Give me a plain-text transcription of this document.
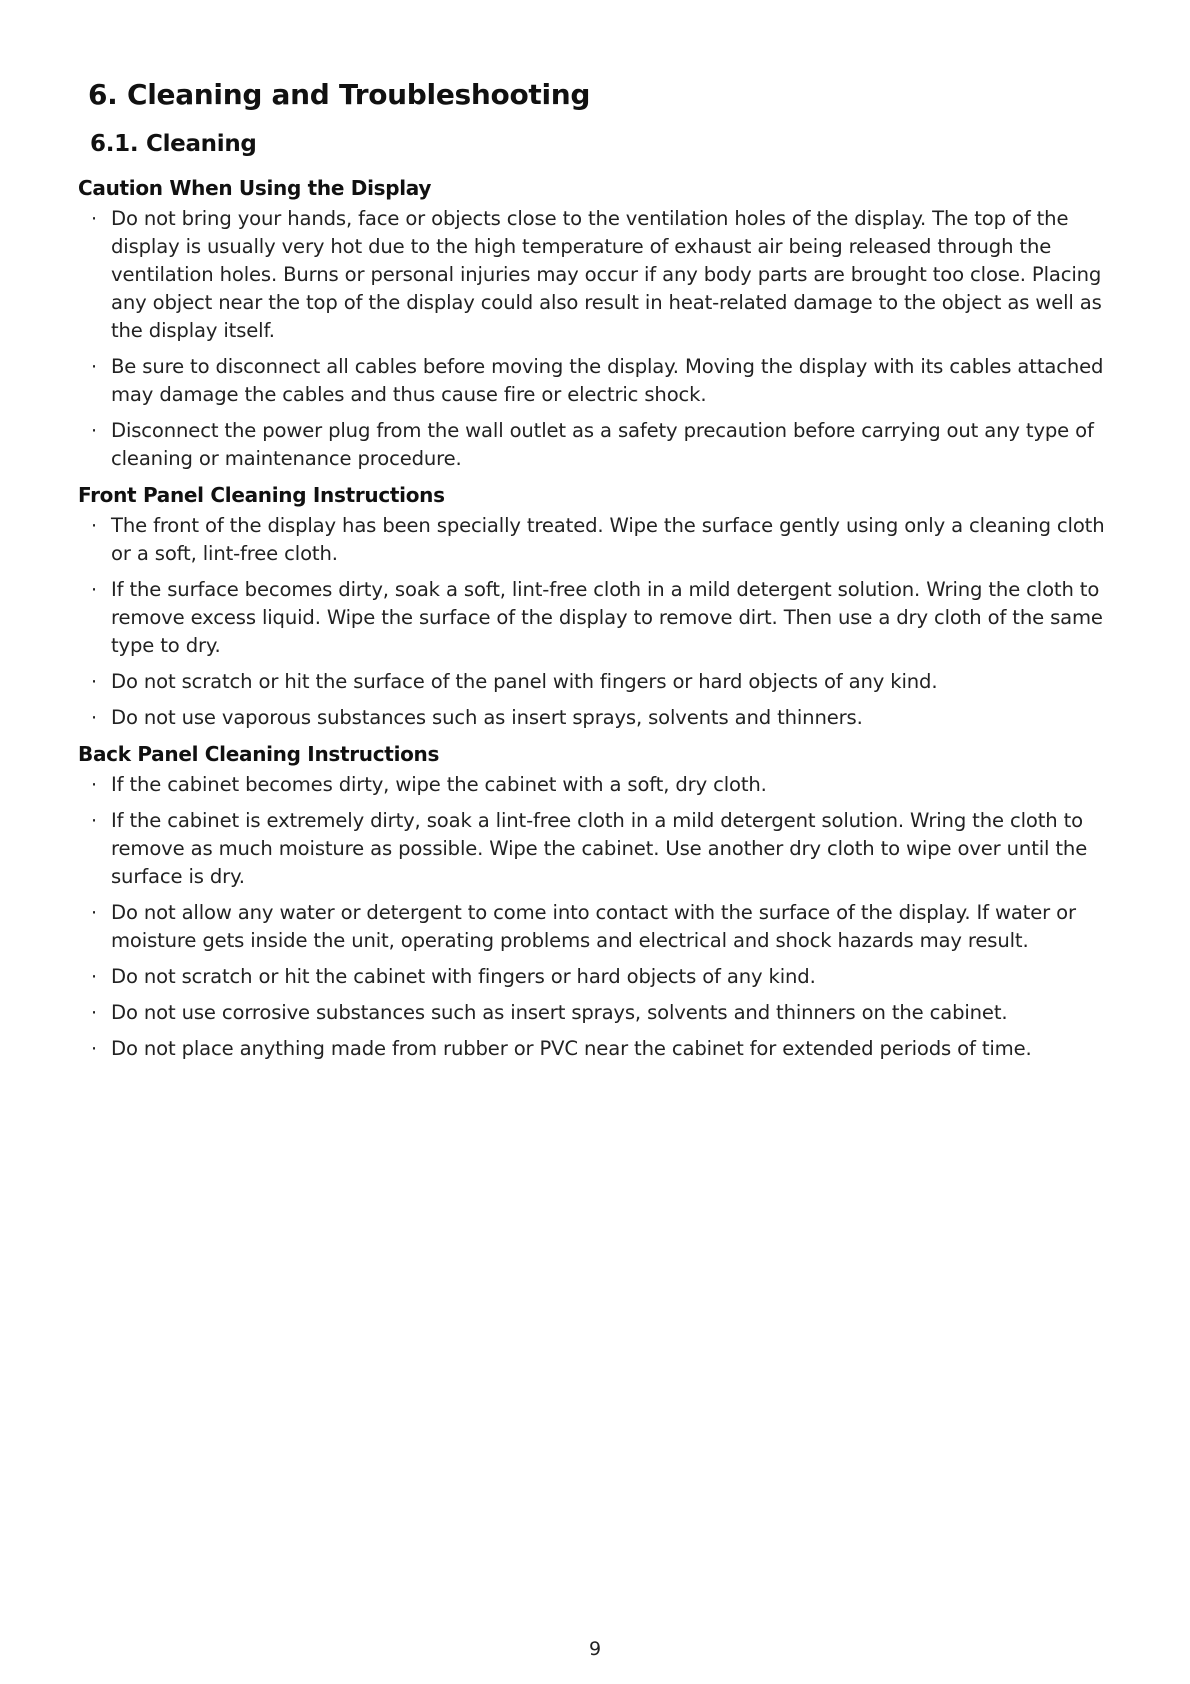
6. Cleaning and Troubleshooting
6.1. Cleaning
Caution When Using the Display
· Do not bring your hands, face or objects close to the ventilation holes of the display. The top of the display is usually very hot due to the high temperature of exhaust air being released through the ventilation holes. Burns or personal injuries may occur if any body parts are brought too close. Placing any object near the top of the display could also result in heat-related damage to the object as well as the display itself.
· Be sure to disconnect all cables before moving the display. Moving the display with its cables attached may damage the cables and thus cause fire or electric shock.
· Disconnect the power plug from the wall outlet as a safety precaution before carrying out any type of cleaning or maintenance procedure.
Front Panel Cleaning Instructions
· The front of the display has been specially treated. Wipe the surface gently using only a cleaning cloth or a soft, lint-free cloth.
· If the surface becomes dirty, soak a soft, lint-free cloth in a mild detergent solution. Wring the cloth to remove excess liquid. Wipe the surface of the display to remove dirt. Then use a dry cloth of the same type to dry.
· Do not scratch or hit the surface of the panel with fingers or hard objects of any kind.
· Do not use vaporous substances such as insert sprays, solvents and thinners.
Back Panel Cleaning Instructions
· If the cabinet becomes dirty, wipe the cabinet with a soft, dry cloth.
· If the cabinet is extremely dirty, soak a lint-free cloth in a mild detergent solution. Wring the cloth to remove as much moisture as possible. Wipe the cabinet. Use another dry cloth to wipe over until the surface is dry.
· Do not allow any water or detergent to come into contact with the surface of the display. If water or moisture gets inside the unit, operating problems and electrical and shock hazards may result.
· Do not scratch or hit the cabinet with fingers or hard objects of any kind.
· Do not use corrosive substances such as insert sprays, solvents and thinners on the cabinet.
· Do not place anything made from rubber or PVC near the cabinet for extended periods of time.
9
